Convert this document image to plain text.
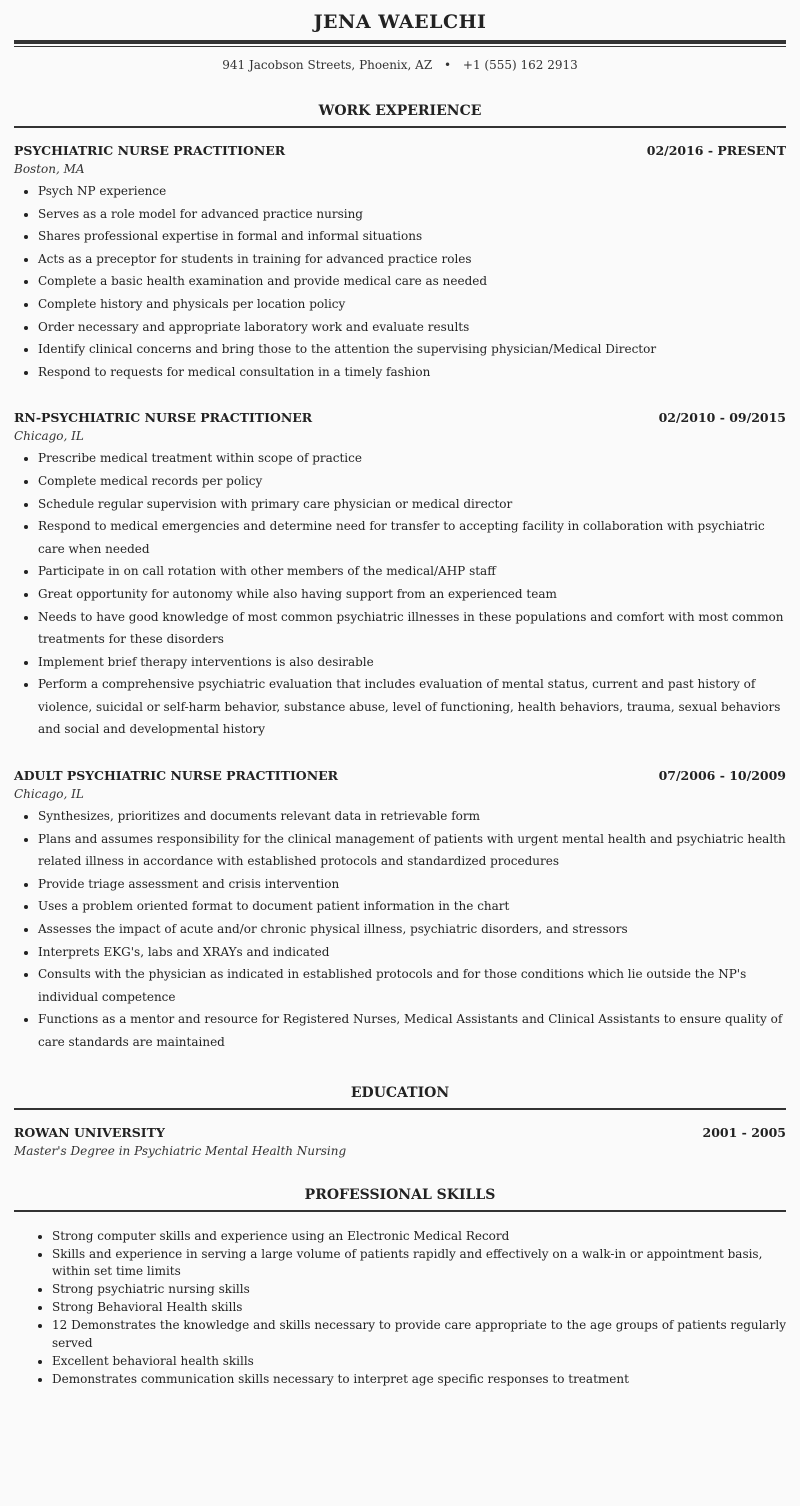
JENA WAELCHI
941 Jacobson Streets, Phoenix, AZ • +1 (555) 162 2913
WORK EXPERIENCE
PSYCHIATRIC NURSE PRACTITIONER	02/2016 - PRESENT
Boston, MA
• Psych NP experience
• Serves as a role model for advanced practice nursing
• Shares professional expertise in formal and informal situations
• Acts as a preceptor for students in training for advanced practice roles
• Complete a basic health examination and provide medical care as needed
• Complete history and physicals per location policy
• Order necessary and appropriate laboratory work and evaluate results
• Identify clinical concerns and bring those to the attention the supervising physician/Medical Director
• Respond to requests for medical consultation in a timely fashion
RN-PSYCHIATRIC NURSE PRACTITIONER	02/2010 - 09/2015
Chicago, IL
• Prescribe medical treatment within scope of practice
• Complete medical records per policy
• Schedule regular supervision with primary care physician or medical director
• Respond to medical emergencies and determine need for transfer to accepting facility in collaboration with psychiatric care when needed
• Participate in on call rotation with other members of the medical/AHP staff
• Great opportunity for autonomy while also having support from an experienced team
• Needs to have good knowledge of most common psychiatric illnesses in these populations and comfort with most common treatments for these disorders
• Implement brief therapy interventions is also desirable
• Perform a comprehensive psychiatric evaluation that includes evaluation of mental status, current and past history of violence, suicidal or self-harm behavior, substance abuse, level of functioning, health behaviors, trauma, sexual behaviors and social and developmental history
ADULT PSYCHIATRIC NURSE PRACTITIONER	07/2006 - 10/2009
Chicago, IL
• Synthesizes, prioritizes and documents relevant data in retrievable form
• Plans and assumes responsibility for the clinical management of patients with urgent mental health and psychiatric health related illness in accordance with established protocols and standardized procedures
• Provide triage assessment and crisis intervention
• Uses a problem oriented format to document patient information in the chart
• Assesses the impact of acute and/or chronic physical illness, psychiatric disorders, and stressors
• Interprets EKG's, labs and XRAYs and indicated
• Consults with the physician as indicated in established protocols and for those conditions which lie outside the NP's individual competence
• Functions as a mentor and resource for Registered Nurses, Medical Assistants and Clinical Assistants to ensure quality of care standards are maintained
EDUCATION
ROWAN UNIVERSITY	2001 - 2005
Master's Degree in Psychiatric Mental Health Nursing
PROFESSIONAL SKILLS
• Strong computer skills and experience using an Electronic Medical Record
• Skills and experience in serving a large volume of patients rapidly and effectively on a walk-in or appointment basis, within set time limits
• Strong psychiatric nursing skills
• Strong Behavioral Health skills
• 12 Demonstrates the knowledge and skills necessary to provide care appropriate to the age groups of patients regularly served
• Excellent behavioral health skills
• Demonstrates communication skills necessary to interpret age specific responses to treatment
